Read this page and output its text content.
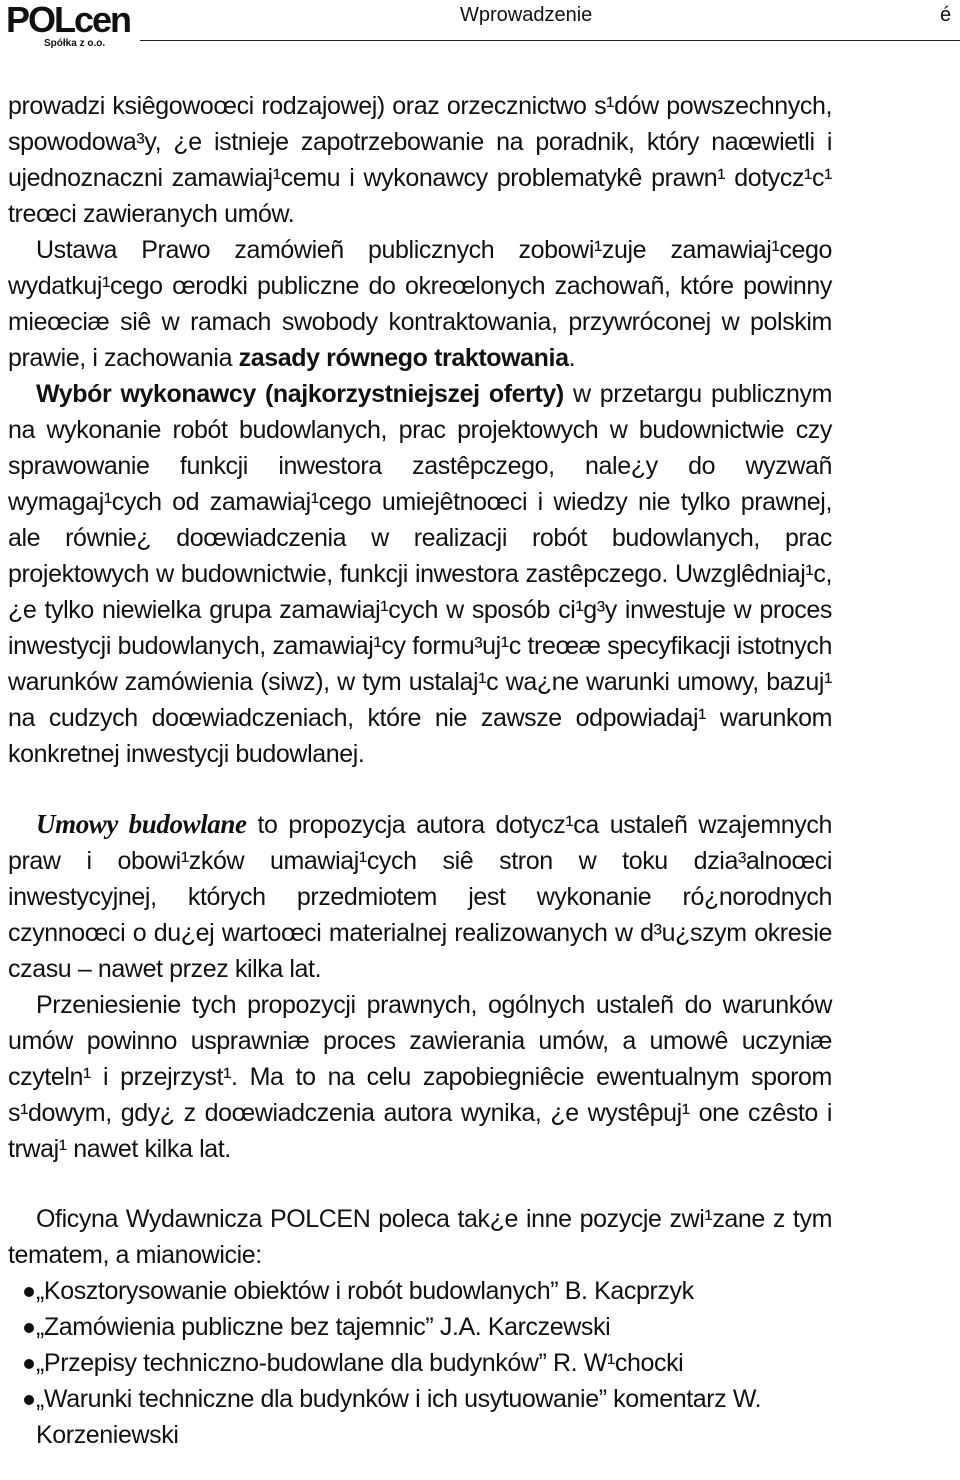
POLcen
Spółka z o.o.
Wprowadzenie	é

prowadzi ksiêgowoœci rodzajowej) oraz orzecznictwo s¹dów powszechnych, spowodowa³y, ¿e istnieje zapotrzebowanie na poradnik, który naœwietli i ujednoznaczni zamawiaj¹cemu i wykonawcy problematykê prawn¹ dotycz¹c¹ treœci zawieranych umów.

Ustawa Prawo zamówieñ publicznych zobowi¹zuje zamawiaj¹cego wydatkuj¹cego œrodki publiczne do okreœlonych zachowañ, które powinny mieœciæ siê w ramach swobody kontraktowania, przywróconej w polskim prawie, i zachowania zasady równego traktowania.

Wybór wykonawcy (najkorzystniejszej oferty) w przetargu publicznym na wykonanie robót budowlanych, prac projektowych w budownictwie czy sprawowanie funkcji inwestora zastêpczego, nale¿y do wyzwañ wymagaj¹cych od zamawiaj¹cego umiejêtnoœci i wiedzy nie tylko prawnej, ale równie¿ doœwiadczenia w realizacji robót budowlanych, prac projektowych w budownictwie, funkcji inwestora zastêpczego. Uwzglêdniaj¹c, ¿e tylko niewielka grupa zamawiaj¹cych w sposób ci¹g³y inwestuje w proces inwestycji budowlanych, zamawiaj¹cy formu³uj¹c treœæ specyfikacji istotnych warunków zamówienia (siwz), w tym ustalaj¹c wa¿ne warunki umowy, bazuj¹ na cudzych doœwiadczeniach, które nie zawsze odpowiadaj¹ warunkom konkretnej inwestycji budowlanej.

Umowy budowlane to propozycja autora dotycz¹ca ustaleñ wzajemnych praw i obowi¹zków umawiaj¹cych siê stron w toku dzia³alnoœci inwestycyjnej, których przedmiotem jest wykonanie ró¿norodnych czynnoœci o du¿ej wartoœci materialnej realizowanych w d³u¿szym okresie czasu – nawet przez kilka lat.

Przeniesienie tych propozycji prawnych, ogólnych ustaleñ do warunków umów powinno usprawniæ proces zawierania umów, a umowê uczyniæ czyteln¹ i przejrzyst¹. Ma to na celu zapobiegniêcie ewentualnym sporom s¹dowym, gdy¿ z doœwiadczenia autora wynika, ¿e wystêpuj¹ one czêsto i trwaj¹ nawet kilka lat.

Oficyna Wydawnicza POLCEN poleca tak¿e inne pozycje zwi¹zane z tym tematem, a mianowicie:

„Kosztorysowanie obiektów i robót budowlanych” B. Kacprzyk
„Zamówienia publiczne bez tajemnic” J.A. Karczewski
„Przepisy techniczno-budowlane dla budynków” R. W¹chocki
„Warunki techniczne dla budynków i ich usytuowanie” komentarz W. Korzeniewski
